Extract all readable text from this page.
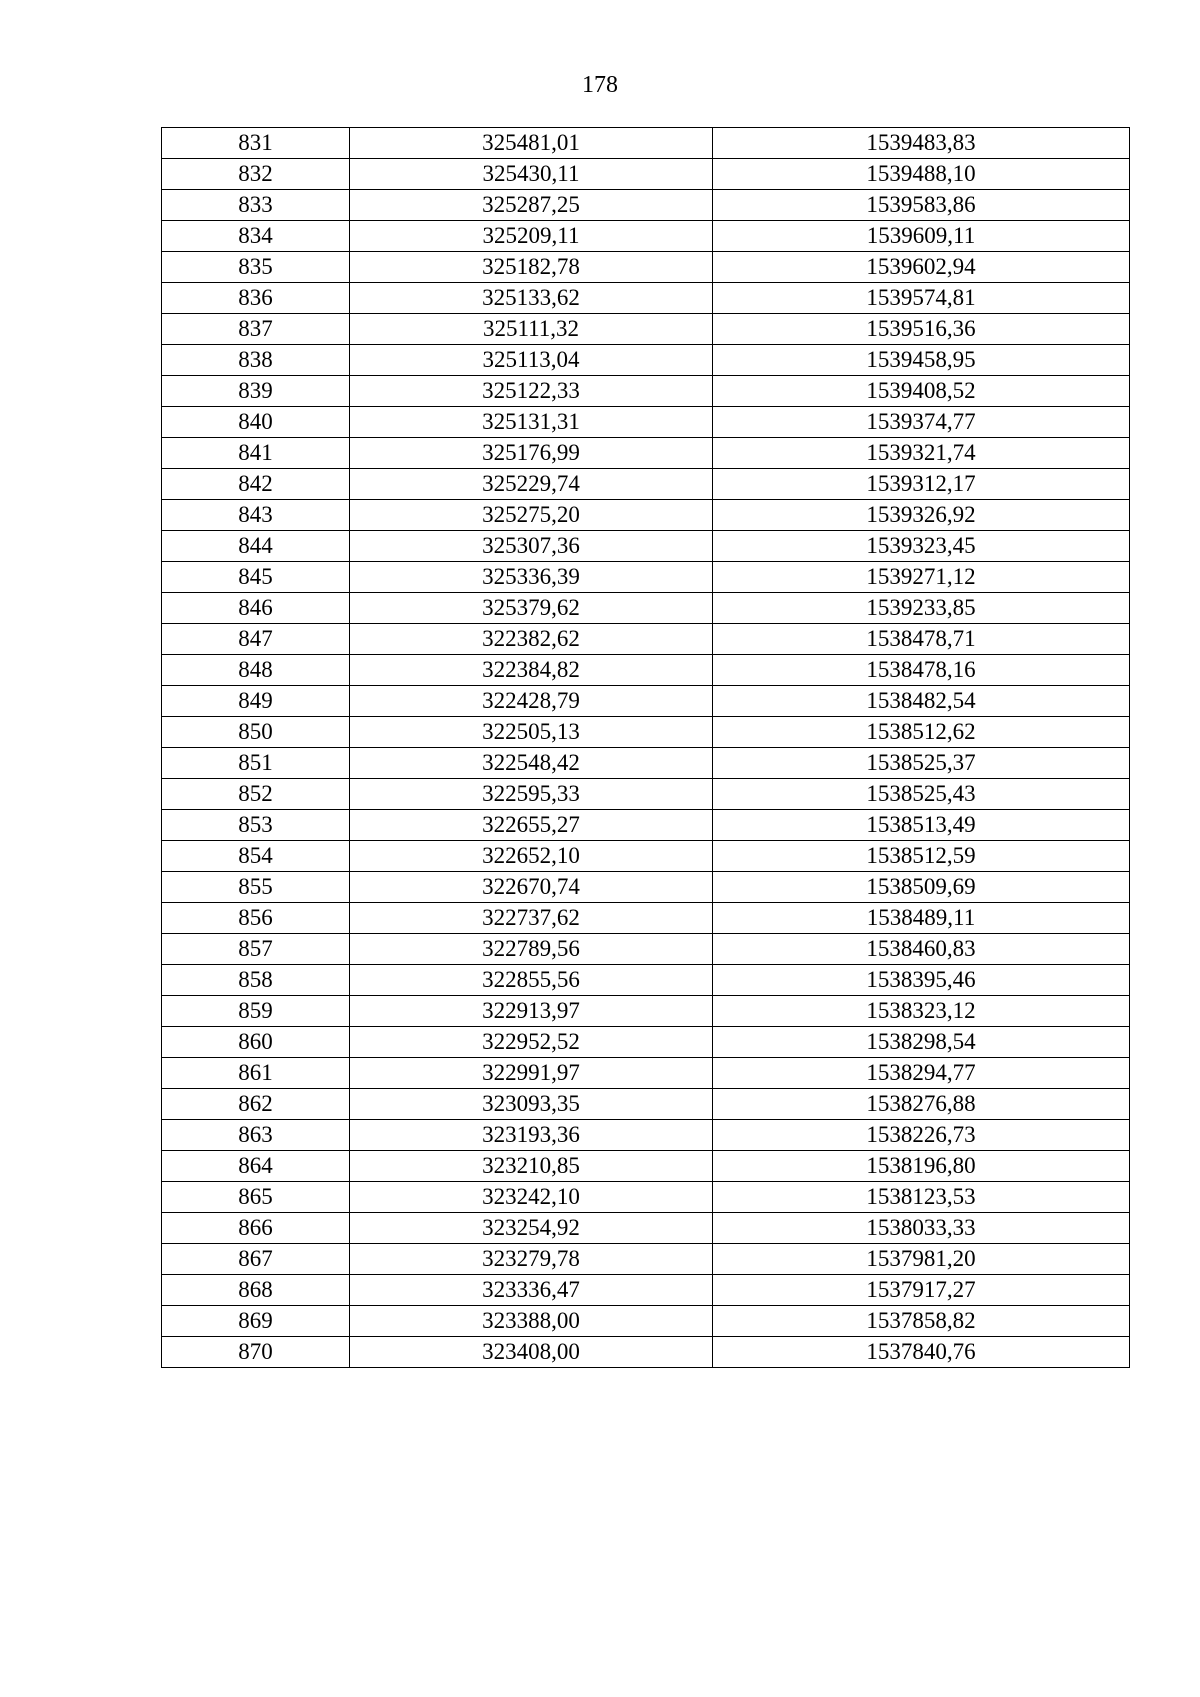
178
831	325481,01	1539483,83
832	325430,11	1539488,10
833	325287,25	1539583,86
834	325209,11	1539609,11
835	325182,78	1539602,94
836	325133,62	1539574,81
837	325111,32	1539516,36
838	325113,04	1539458,95
839	325122,33	1539408,52
840	325131,31	1539374,77
841	325176,99	1539321,74
842	325229,74	1539312,17
843	325275,20	1539326,92
844	325307,36	1539323,45
845	325336,39	1539271,12
846	325379,62	1539233,85
847	322382,62	1538478,71
848	322384,82	1538478,16
849	322428,79	1538482,54
850	322505,13	1538512,62
851	322548,42	1538525,37
852	322595,33	1538525,43
853	322655,27	1538513,49
854	322652,10	1538512,59
855	322670,74	1538509,69
856	322737,62	1538489,11
857	322789,56	1538460,83
858	322855,56	1538395,46
859	322913,97	1538323,12
860	322952,52	1538298,54
861	322991,97	1538294,77
862	323093,35	1538276,88
863	323193,36	1538226,73
864	323210,85	1538196,80
865	323242,10	1538123,53
866	323254,92	1538033,33
867	323279,78	1537981,20
868	323336,47	1537917,27
869	323388,00	1537858,82
870	323408,00	1537840,76
